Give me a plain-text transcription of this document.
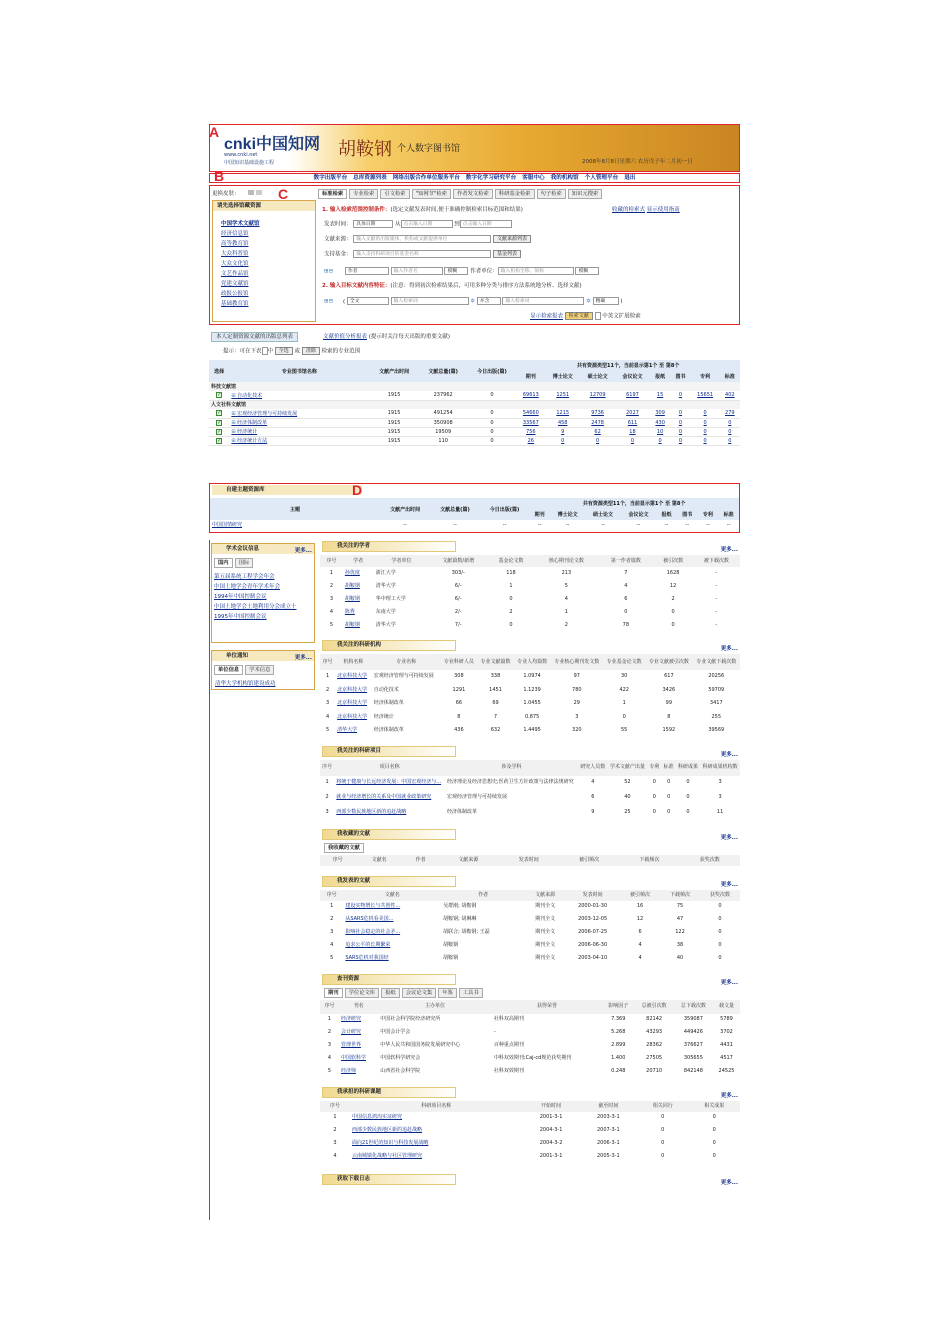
cnki中国知网
www.cnki.net
中国知识基础设施工程
胡鞍钢 个人数字图书馆
2008年8月8日星期六 农历戊子年二月初一日
A
数字出版平台 总库资源列表 网络出版合作单位服务平台 数字化学习研究平台 客服中心 我的机构馆 个人管理平台 退出
B
更换皮肤：
请先选择馆藏资源
中国学术文献馆
经济信息馆
高等教育馆
大众科普馆
大众文化馆
文艺作品馆
党建文献馆
政报公报馆
基础教育馆
标准检索 专业检索 引文检索 "知网节"检索 作者发文检索 科研基金检索 句子检索 知识元搜索
1. 输入检索范围控制条件：(选定文献发表时间,便于准确控制检索目标范围和结果)	收藏的检索式 显示使用指南
发表时间： 具体日期	从 点击输入日期	到 点击输入日期
文献来源： 输入文献的出版媒体、机构或文献提供单位	文献来源列表
支持基金： 输入支持科研项目的基金名称	基金列表
⊞⊟	作者	输入作者名	模糊 作者单位： 输入机构全称、简称	模糊
2. 输入目标文献内容特征：(注意：得到初次检索结果后，可用多种分类与排序方法系统地分析、选择文献)
⊞⊟ ( 全文	输入检索词	✲ 并含	输入检索词	✲ 精确 )
显示检索报表 检索文献 中英文扩展检索
C
本人定制资源文献的出版总列表	文献价值分析报表 (提示时关注每天出版的重要文献)
提示：可在下表 中 全选 或 清除 检索的专业范围
选择	专业图书馆名称	文献产出时间	文献总量(篇)	今日出版(篇)	共有资源类型11个，当前显示第1个 至 第8个							
					期刊	博士论文	硕士论文	会议论文	报纸	图书	专利	标准
科技文献馆												
✓	⊞ 自动化技术	1915	237962	0	69613	1251	12709	6197	15	0	15651	402
人文社科文献馆												
✓	⊞ 宏观经济管理与可持续发展	1915	491254	0	54660	1215	9736	2027	309	0	0	279
✓	⊞ 经济体制改革	1915	350908	0	33567	458	2478	611	430	0	0	0
✓	⊞ 经济统计	1915	19509	0	756	9	62	18	10	0	0	0
✓	⊞ 经济统计方法	1915	110	0	26	0	0	0	0	0	0	0
自建主题资源库
主题	文献产出时间	文献总量(篇)	今日出版(篇)	共有资源类型11个，当前显示第1个 至 第8个							
				期刊	博士论文	硕士论文	会议论文	报纸	图书	专利	标准
中国国情研究	--	--	--	--	--	--	--	--	--	--	--
D
学术会议信息	更多...
国内 国际
第五届系统工程学会年会
中国土地学会青年学术年会
1994年中国控制会议
中国土地学会土地利用分会成立十
1995年中国控制会议
单位通知	更多...
单位信息 学术信息
清华大学机构馆建设成功
我关注的学者
更多...
序号	学者	学者单位	文献篇数/新增	基金论文数	核心期刊论文数	第一作者篇数	被引次数	被下载次数
1	孙优度	浙江大学	303/-	118	213	7	1628	-
2	胡鞍钢	清华大学	6/-	1	5	4	12	-
3	胡鞍钢	华中理工大学	6/-	0	4	6	2	-
4	陈秀	东南大学	2/-	2	1	0	0	-
5	胡鞍钢	清华大学	7/-	0	2	78	0	-
我关注的科研机构
更多...
序号	机构名称	专业名称	专业科研人员	专业文献篇数	专业人均篇数	专业核心期刊发文数	专业基金论文数	专业文献被引次数	专业文献下载次数
1	北京科技大学	宏观经济管理与可持续发展	308	338	1.0974	97	30	617	20256
2	北京科技大学	自动化技术	1291	1451	1.1239	780	422	3426	59709
3	北京科技大学	经济体制改革	66	69	1.0455	29	1	99	3417
4	北京科技大学	经济统计	8	7	0.875	3	0	8	255
5	清华大学	经济体制改革	436	632	1.4495	320	55	1592	39569
我关注的科研项目
更多...
序号	项目名称	涉及学科	研究人员数	学术文献产出量	专利	标准	科研成果	科研成果机构数
1	将统于健康与长远经济发展：中国宏观经济与...	经济理论及经济思想史;医药卫生方针政策与法律法规研究	4	52	0	0	0	3
2	就业与经济增长的关系及中国就业政策研究	宏观经济管理与可持续发展	6	40	0	0	0	3
3	西部少数民族地区新的追赶战略	经济体制改革	9	25	0	0	0	11
我收藏的文献
更多...
我收藏的文献
序号	文献名	作者	文献来源	发表时间	被引频次	下载频次	获奖次数
我发表的文献
更多...
序号	文献名	作者	文献来源	发表时间	被引频次	下载频次	获奖次数
1	建设实物增长与共创性...	吴群刚; 胡鞍钢	期刊全文	2000-01-30	16	75	0
2	从SARS危机看美国...	胡鞍钢; 胡琳琳	期刊全文	2003-12-05	12	47	0
3	影响社会稳定的社会矛...	胡联合; 胡鞍钢; 王磊	期刊全文	2006-07-25	6	122	0
4	追求公平的长期繁荣	胡鞍钢	期刊全文	2006-06-30	4	38	0
5	SARS危机对我国经	胡鞍钢	期刊全文	2003-04-10	4	40	0
查刊资源
更多...
期刊 学位论文库 报纸 会议论文集 年鉴 工具书
序号	刊名	主办单位	获得荣誉	影响因子	总被引次数	总下载次数	载文量
1	经济研究	中国社会科学院经济研究所	社科双高期刊	7.369	82142	359087	5789
2	会计研究	中国会计学会	-	5.268	43293	449426	3702
3	管理世界	中华人民共和国国务院发展研究中心	百种重点期刊	2.899	28362	376627	4431
4	中国软科学	中国软科学研究会	中科双效期刊;Caj-cd规范获奖期刊	1.400	27505	305655	4517
5	经济师	山西省社会科学院	社科双效期刊	0.248	20710	842148	24525
我承担的科研课题
更多...
序号	科研项目名称	开始时间	截至时间	相关同行	相关成果
1	中国信息鸿沟实证研究	2001-3-1	2003-3-1	0	0
2	西部少数民族地区新的追赶战略	2004-3-1	2007-3-1	0	0
3	面向21世纪的知识与科技发展战略	2004-3-2	2006-3-1	0	0
4	云南城镇化战略与社区管理研究	2001-3-1	2005-3-1	0	0
获取下载日志
更多...
